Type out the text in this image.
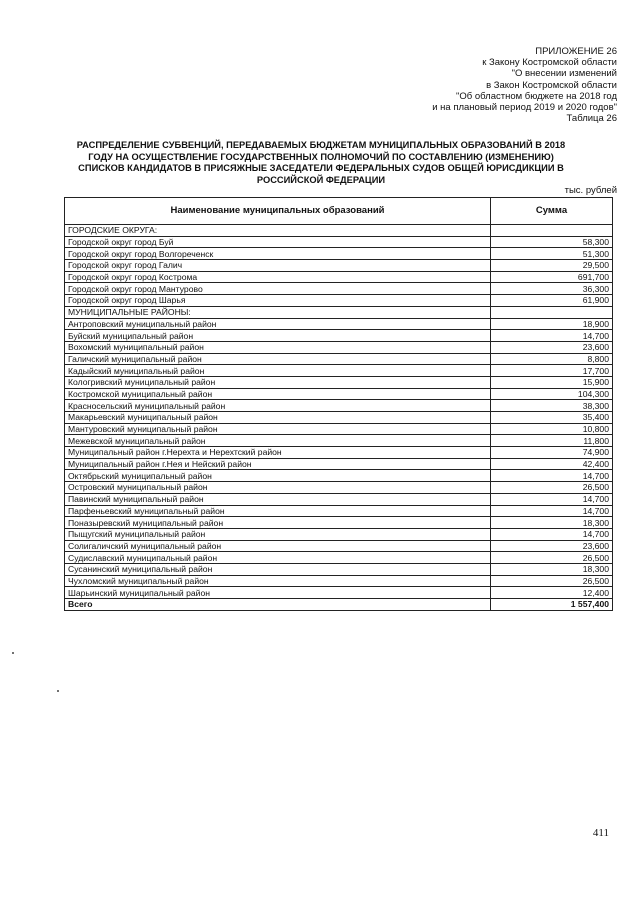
ПРИЛОЖЕНИЕ 26
к Закону Костромской области
"О внесении изменений
в Закон Костромской области
"Об областном бюджете на 2018 год
и на плановый период 2019 и 2020 годов"
Таблица 26
РАСПРЕДЕЛЕНИЕ СУБВЕНЦИЙ, ПЕРЕДАВАЕМЫХ БЮДЖЕТАМ МУНИЦИПАЛЬНЫХ ОБРАЗОВАНИЙ В 2018 ГОДУ НА ОСУЩЕСТВЛЕНИЕ ГОСУДАРСТВЕННЫХ ПОЛНОМОЧИЙ ПО СОСТАВЛЕНИЮ (ИЗМЕНЕНИЮ) СПИСКОВ КАНДИДАТОВ В ПРИСЯЖНЫЕ ЗАСЕДАТЕЛИ ФЕДЕРАЛЬНЫХ СУДОВ ОБЩЕЙ ЮРИСДИКЦИИ В РОССИЙСКОЙ ФЕДЕРАЦИИ
тыс. рублей
Наименование муниципальных образований	Сумма
ГОРОДСКИЕ ОКРУГА:	
Городской округ город Буй	58,300
Городской округ город Волгореченск	51,300
Городской округ город Галич	29,500
Городской округ город Кострома	691,700
Городской округ город Мантурово	36,300
Городской округ город Шарья	61,900
МУНИЦИПАЛЬНЫЕ РАЙОНЫ:	
Антроповский муниципальный район	18,900
Буйский муниципальный район	14,700
Вохомский муниципальный район	23,600
Галичский муниципальный район	8,800
Кадыйский муниципальный район	17,700
Кологривский муниципальный район	15,900
Костромской муниципальный район	104,300
Красносельский муниципальный район	38,300
Макарьевский муниципальный район	35,400
Мантуровский муниципальный район	10,800
Межевской муниципальный район	11,800
Муниципальный район г.Нерехта и Нерехтский район	74,900
Муниципальный район г.Нея и Нейский район	42,400
Октябрьский муниципальный район	14,700
Островский муниципальный район	26,500
Павинский муниципальный район	14,700
Парфеньевский муниципальный район	14,700
Поназыревский муниципальный район	18,300
Пыщугский муниципальный район	14,700
Солигаличский муниципальный район	23,600
Судиславский муниципальный район	26,500
Сусанинский муниципальный район	18,300
Чухломский муниципальный район	26,500
Шарьинский муниципальный район	12,400
Всего	1 557,400
411
